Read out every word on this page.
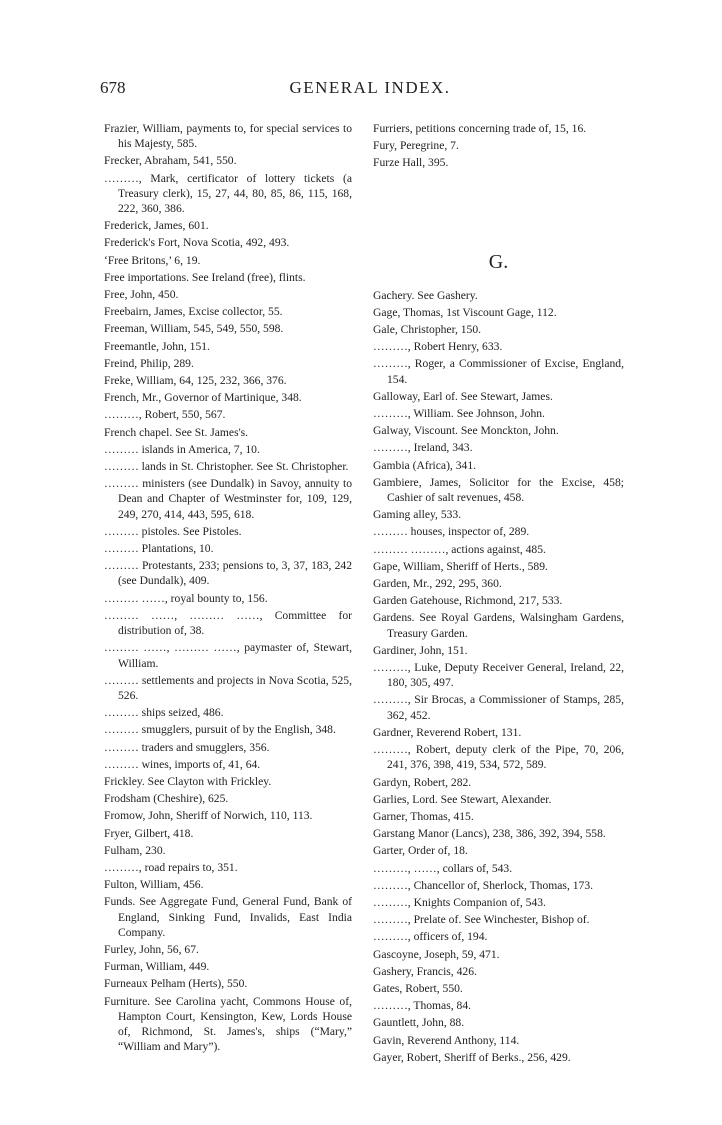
678	GENERAL INDEX.

Frazier, William, payments to, for special services to his Majesty, 585.

Frecker, Abraham, 541, 550.

………, Mark, certificator of lottery tickets (a Treasury clerk), 15, 27, 44, 80, 85, 86, 115, 168, 222, 360, 386.

Frederick, James, 601.

Frederick's Fort, Nova Scotia, 492, 493.

‘Free Britons,’ 6, 19.

Free importations. See Ireland (free), flints.

Free, John, 450.

Freebairn, James, Excise collector, 55.

Freeman, William, 545, 549, 550, 598.

Freemantle, John, 151.

Freind, Philip, 289.

Freke, William, 64, 125, 232, 366, 376.

French, Mr., Governor of Martinique, 348.

………, Robert, 550, 567.

French chapel. See St. James's.

……… islands in America, 7, 10.

……… lands in St. Christopher. See St. Christopher.

……… ministers (see Dundalk) in Savoy, annuity to Dean and Chapter of Westminster for, 109, 129, 249, 270, 414, 443, 595, 618.

……… pistoles. See Pistoles.

……… Plantations, 10.

……… Protestants, 233; pensions to, 3, 37, 183, 242 (see Dundalk), 409.

……… ……, royal bounty to, 156.

……… ……, ……… ……, Committee for distribution of, 38.

……… ……, ……… ……, paymaster of, Stewart, William.

……… settlements and projects in Nova Scotia, 525, 526.

……… ships seized, 486.

……… smugglers, pursuit of by the English, 348.

……… traders and smugglers, 356.

……… wines, imports of, 41, 64.

Frickley. See Clayton with Frickley.

Frodsham (Cheshire), 625.

Fromow, John, Sheriff of Norwich, 110, 113.

Fryer, Gilbert, 418.

Fulham, 230.

………, road repairs to, 351.

Fulton, William, 456.

Funds. See Aggregate Fund, General Fund, Bank of England, Sinking Fund, Invalids, East India Company.

Furley, John, 56, 67.

Furman, William, 449.

Furneaux Pelham (Herts), 550.

Furniture. See Carolina yacht, Commons House of, Hampton Court, Kensington, Kew, Lords House of, Richmond, St. James's, ships (“Mary,” “William and Mary”).

Furriers, petitions concerning trade of, 15, 16.

Fury, Peregrine, 7.

Furze Hall, 395.

G.

Gachery. See Gashery.

Gage, Thomas, 1st Viscount Gage, 112.

Gale, Christopher, 150.

………, Robert Henry, 633.

………, Roger, a Commissioner of Excise, England, 154.

Galloway, Earl of. See Stewart, James.

………, William. See Johnson, John.

Galway, Viscount. See Monckton, John.

………, Ireland, 343.

Gambia (Africa), 341.

Gambiere, James, Solicitor for the Excise, 458; Cashier of salt revenues, 458.

Gaming alley, 533.

……… houses, inspector of, 289.

……… ………, actions against, 485.

Gape, William, Sheriff of Herts., 589.

Garden, Mr., 292, 295, 360.

Garden Gatehouse, Richmond, 217, 533.

Gardens. See Royal Gardens, Walsingham Gardens, Treasury Garden.

Gardiner, John, 151.

………, Luke, Deputy Receiver General, Ireland, 22, 180, 305, 497.

………, Sir Brocas, a Commissioner of Stamps, 285, 362, 452.

Gardner, Reverend Robert, 131.

………, Robert, deputy clerk of the Pipe, 70, 206, 241, 376, 398, 419, 534, 572, 589.

Gardyn, Robert, 282.

Garlies, Lord. See Stewart, Alexander.

Garner, Thomas, 415.

Garstang Manor (Lancs), 238, 386, 392, 394, 558.

Garter, Order of, 18.

………, ……, collars of, 543.

………, Chancellor of, Sherlock, Thomas, 173.

………, Knights Companion of, 543.

………, Prelate of. See Winchester, Bishop of.

………, officers of, 194.

Gascoyne, Joseph, 59, 471.

Gashery, Francis, 426.

Gates, Robert, 550.

………, Thomas, 84.

Gauntlett, John, 88.

Gavin, Reverend Anthony, 114.

Gayer, Robert, Sheriff of Berks., 256, 429.
